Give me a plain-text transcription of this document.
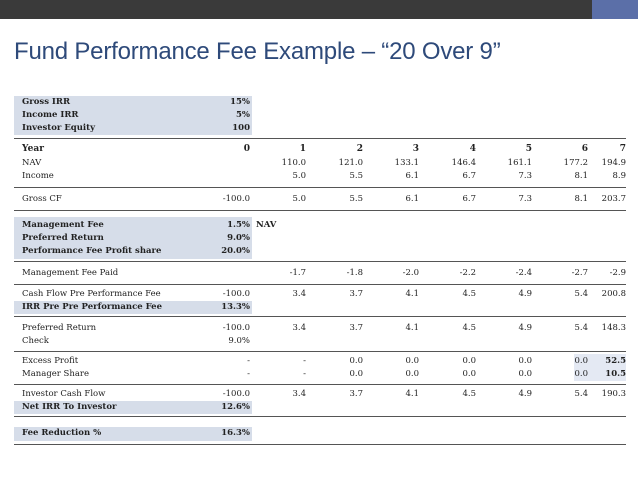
Fund Performance Fee Example – “20 Over 9”
Gross IRR	15%
Income IRR	5%
Investor Equity	100
Year	0	1	2	3	4	5	6	7
NAV	110.0	121.0	133.1	146.4	161.1	177.2 194.9
Income	5.0	5.5	6.1	6.7	7.3	8.1	8.9
Gross CF	-100.0	5.0	5.5	6.1	6.7	7.3	8.1 203.7
Management Fee	1.5% NAV
Preferred Return	9.0%
Performance Fee Profit share	20.0%
Management Fee Paid	-1.7	-1.8	-2.0	-2.2	-2.4	-2.7	-2.9
Cash Flow Pre Performance Fee	-100.0	3.4	3.7	4.1	4.5	4.9	5.4 200.8
IRR Pre Pre Performance Fee	13.3%
Preferred Return	-100.0	3.4	3.7	4.1	4.5	4.9	5.4 148.3
Check	9.0%
Excess Profit	-	-	0.0	0.0	0.0	0.0	0.0 52.5
Manager Share	-	-	0.0	0.0	0.0	0.0	0.0 10.5
Investor Cash Flow	-100.0	3.4	3.7	4.1	4.5	4.9	5.4 190.3
Net IRR To Investor	12.6%
Fee Reduction %	16.3%
